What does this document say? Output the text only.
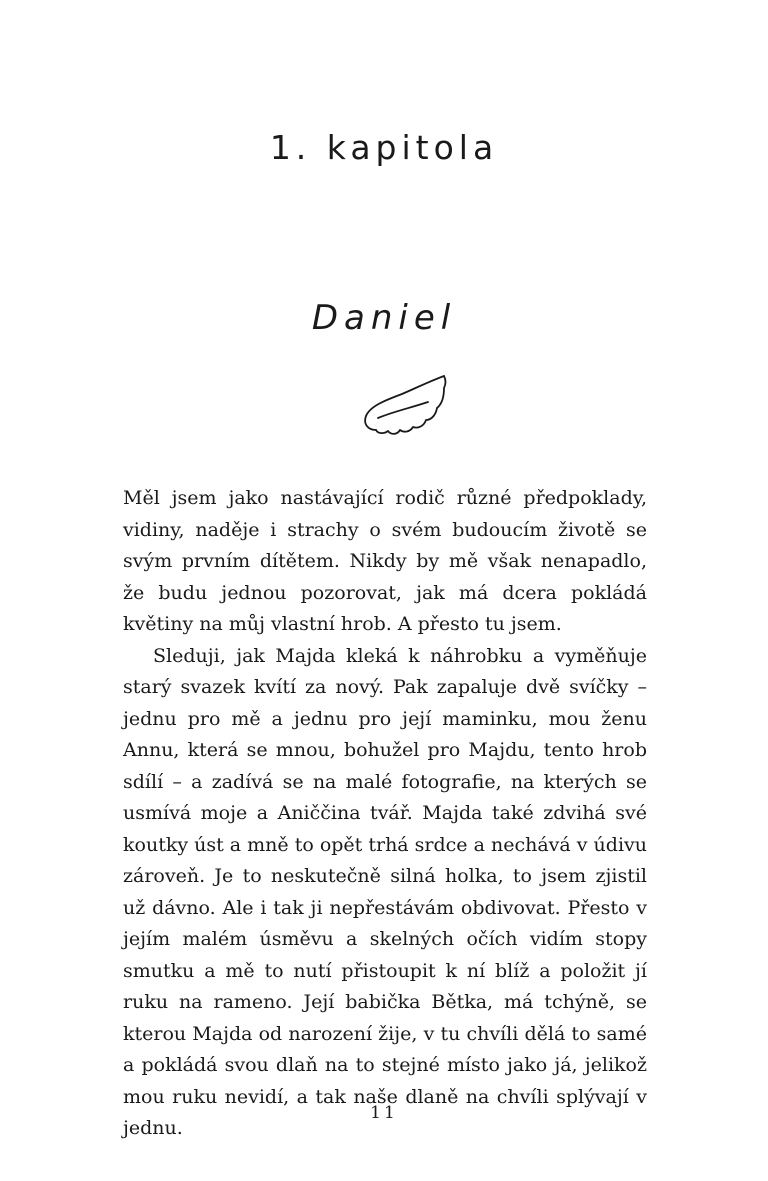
1. kapitola
Daniel

Měl jsem jako nastávající rodič různé předpoklady, vidiny, naděje i strachy o svém budoucím životě se svým prvním dítětem. Nikdy by mě však nenapadlo, že budu jednou pozorovat, jak má dcera pokládá květiny na můj vlastní hrob. A přesto tu jsem.

Sleduji, jak Majda kleká k náhrobku a vyměňuje starý svazek kvítí za nový. Pak zapaluje dvě svíčky – jednu pro mě a jednu pro její maminku, mou ženu Annu, která se mnou, bohužel pro Majdu, tento hrob sdílí – a zadívá se na malé fotografie, na kterých se usmívá moje a Aniččina tvář. Majda také zdvihá své koutky úst a mně to opět trhá srdce a nechává v údivu zároveň. Je to neskutečně silná holka, to jsem zjistil už dávno. Ale i tak ji nepřestávám obdivovat. Přesto v jejím malém úsměvu a skelných očích vidím stopy smutku a mě to nutí přistoupit k ní blíž a položit jí ruku na rameno. Její babička Bětka, má tchýně, se kterou Majda od narození žije, v tu chvíli dělá to samé a pokládá svou dlaň na to stejné místo jako já, jelikož mou ruku nevidí, a tak naše dlaně na chvíli splývají v jednu.

11
